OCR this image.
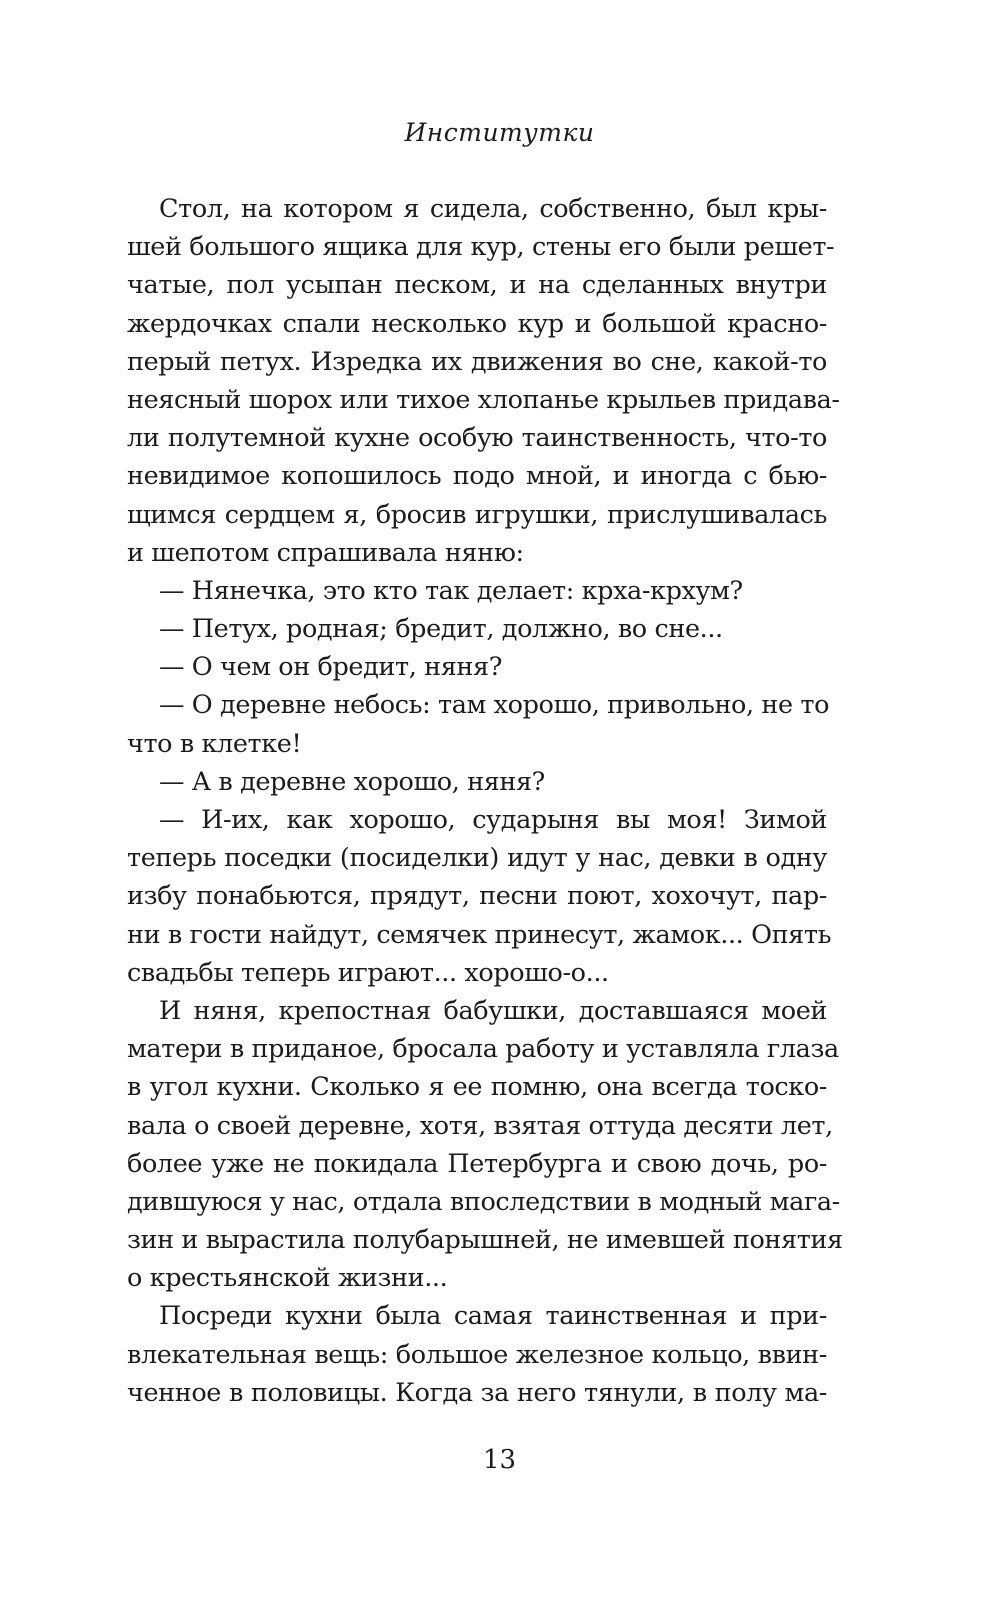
Институтки
Стол, на котором я сидела, собственно, был кры-
шей большого ящика для кур, стены его были решет-
чатые, пол усыпан песком, и на сделанных внутри
жердочках спали несколько кур и большой красно-
перый петух. Изредка их движения во сне, какой-то
неясный шорох или тихое хлопанье крыльев придава-
ли полутемной кухне особую таинственность, что-то
невидимое копошилось подо мной, и иногда с бью-
щимся сердцем я, бросив игрушки, прислушивалась
и шепотом спрашивала няню:
— Нянечка, это кто так делает: крха-крхум?
— Петух, родная; бредит, должно, во сне...
— О чем он бредит, няня?
— О деревне небось: там хорошо, привольно, не то
что в клетке!
— А в деревне хорошо, няня?
— И-их, как хорошо, сударыня вы моя! Зимой
теперь поседки (посиделки) идут у нас, девки в одну
избу понабьются, прядут, песни поют, хохочут, пар-
ни в гости найдут, семячек принесут, жамок... Опять
свадьбы теперь играют... хорошо-о...
И няня, крепостная бабушки, доставшаяся моей
матери в приданое, бросала работу и уставляла глаза
в угол кухни. Сколько я ее помню, она всегда тоско-
вала о своей деревне, хотя, взятая оттуда десяти лет,
более уже не покидала Петербурга и свою дочь, ро-
дившуюся у нас, отдала впоследствии в модный мага-
зин и вырастила полубарышней, не имевшей понятия
о крестьянской жизни...
Посреди кухни была самая таинственная и при-
влекательная вещь: большое железное кольцо, ввин-
ченное в половицы. Когда за него тянули, в полу ма-
13
